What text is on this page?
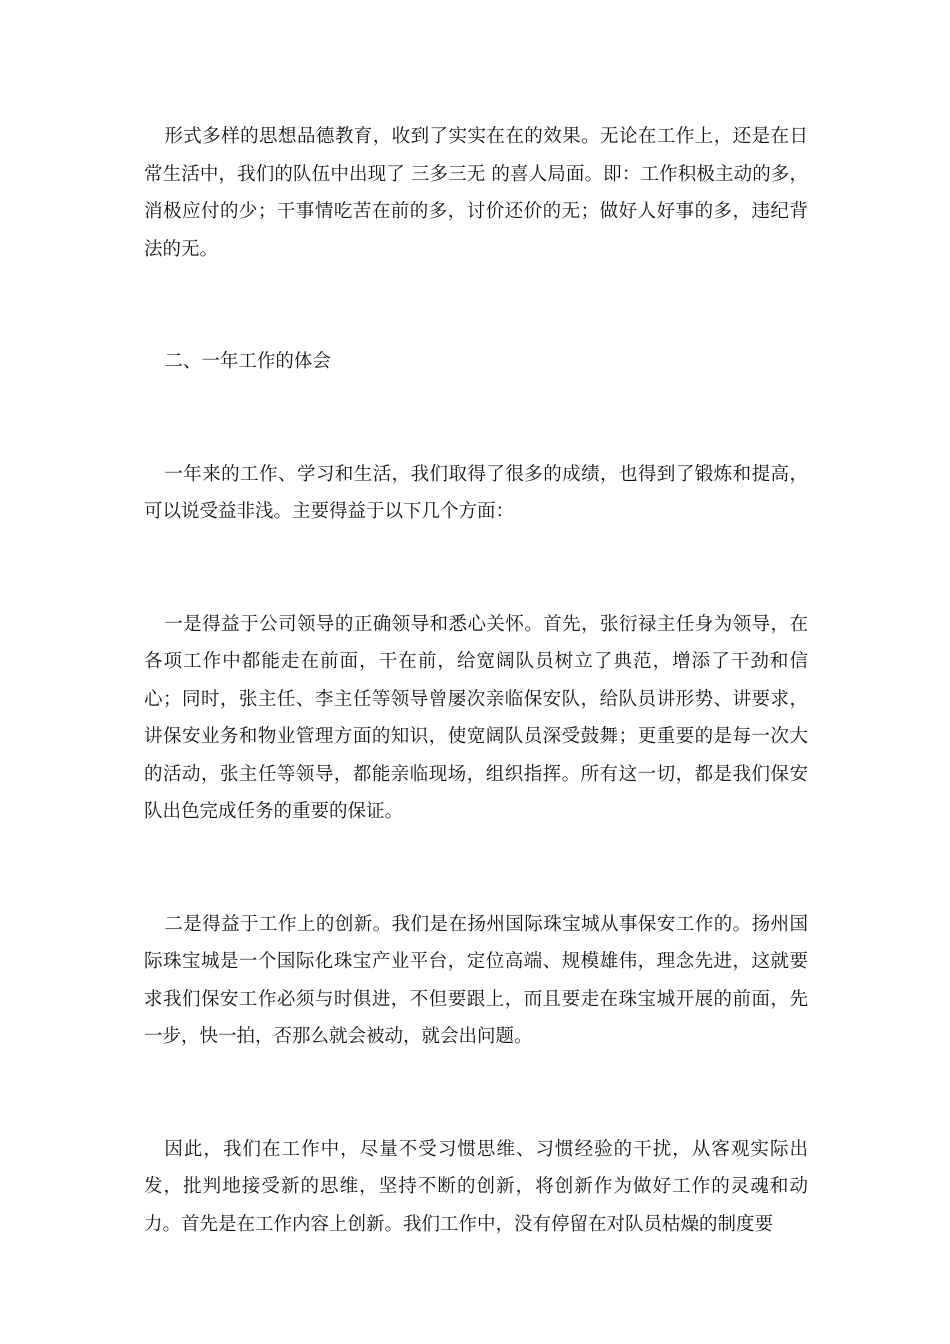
形式多样的思想品德教育，收到了实实在在的效果。无论在工作上，还是在日常生活中，我们的队伍中出现了 三多三无 的喜人局面。即：工作积极主动的多，消极应付的少；干事情吃苦在前的多，讨价还价的无；做好人好事的多，违纪背法的无。

二、一年工作的体会

一年来的工作、学习和生活，我们取得了很多的成绩，也得到了锻炼和提高，可以说受益非浅。主要得益于以下几个方面：

一是得益于公司领导的正确领导和悉心关怀。首先，张衍禄主任身为领导，在各项工作中都能走在前面，干在前，给宽阔队员树立了典范，增添了干劲和信心；同时，张主任、李主任等领导曾屡次亲临保安队，给队员讲形势、讲要求，讲保安业务和物业管理方面的知识，使宽阔队员深受鼓舞；更重要的是每一次大的活动，张主任等领导，都能亲临现场，组织指挥。所有这一切，都是我们保安队出色完成任务的重要的保证。

二是得益于工作上的创新。我们是在扬州国际珠宝城从事保安工作的。扬州国际珠宝城是一个国际化珠宝产业平台，定位高端、规模雄伟，理念先进，这就要求我们保安工作必须与时俱进，不但要跟上，而且要走在珠宝城开展的前面，先一步，快一拍，否那么就会被动，就会出问题。

因此，我们在工作中，尽量不受习惯思维、习惯经验的干扰，从客观实际出发，批判地接受新的思维，坚持不断的创新，将创新作为做好工作的灵魂和动力。首先是在工作内容上创新。我们工作中，没有停留在对队员枯燥的制度要
